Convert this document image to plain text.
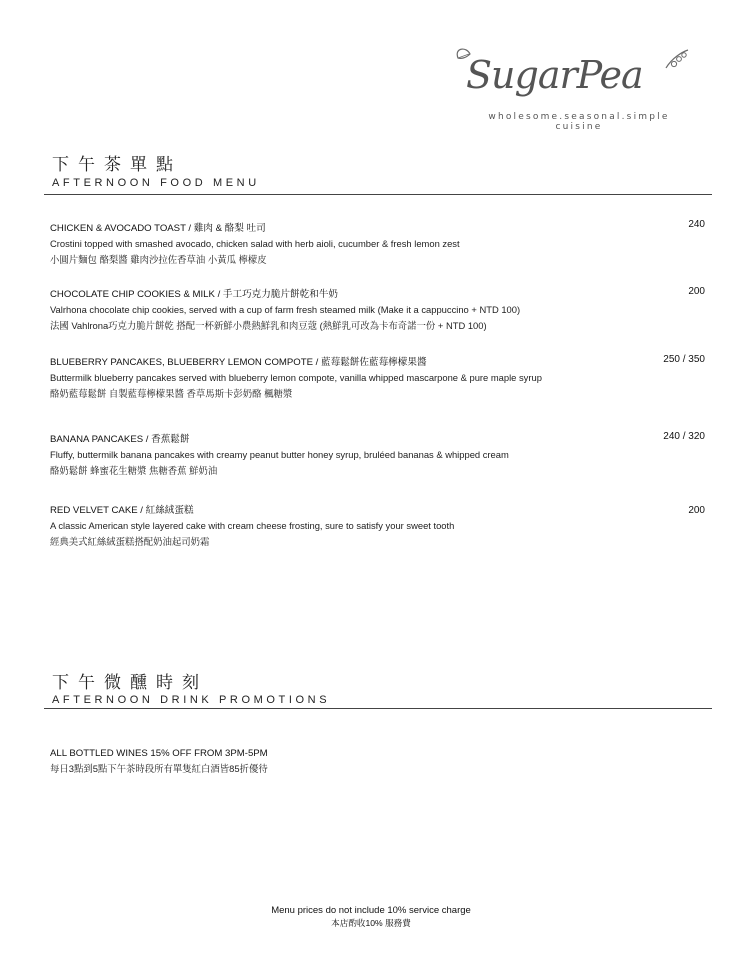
SugarPea
wholesome.seasonal.simple cuisine
下午茶單點
AFTERNOON FOOD MENU
CHICKEN & AVOCADO TOAST / 雞肉 & 酪梨 吐司
Crostini topped with smashed avocado, chicken salad with herb aioli, cucumber & fresh lemon zest
小圓片麵包 酪梨醬 雞肉沙拉佐香草油 小黃瓜 檸檬皮
240
CHOCOLATE CHIP COOKIES & MILK / 手工巧克力脆片餅乾和牛奶
Valrhona chocolate chip cookies, served with a cup of farm fresh steamed milk (Make it a cappuccino + NTD 100)
法國 Vahlrona巧克力脆片餅乾 搭配一杯新鮮小農熱鮮乳和肉豆蔻 (熱鮮乳可改為卡布奇諾一份 + NTD 100)
200
BLUEBERRY PANCAKES, BLUEBERRY LEMON COMPOTE / 藍莓鬆餅佐藍莓檸檬果醬
Buttermilk blueberry pancakes served with blueberry lemon compote, vanilla whipped mascarpone & pure maple syrup
酪奶藍莓鬆餅 自製藍莓檸檬果醬 香草馬斯卡彭奶酪 楓糖漿
250 / 350
BANANA PANCAKES / 香蕉鬆餅
Fluffy, buttermilk banana pancakes with creamy peanut butter honey syrup, bruléed bananas & whipped cream
酪奶鬆餅 蜂蜜花生糖漿 焦糖香蕉 鮮奶油
240 / 320
RED VELVET CAKE / 紅絲絨蛋糕
A classic American style layered cake with cream cheese frosting, sure to satisfy your sweet tooth
經典美式紅絲絨蛋糕搭配奶油起司奶霜
200
下午微醺時刻
AFTERNOON DRINK PROMOTIONS
ALL BOTTLED WINES 15% OFF FROM 3PM-5PM
每日3點到5點下午茶時段所有單隻紅白酒皆85折優待
Menu prices do not include 10% service charge
本店酌收10% 服務費
